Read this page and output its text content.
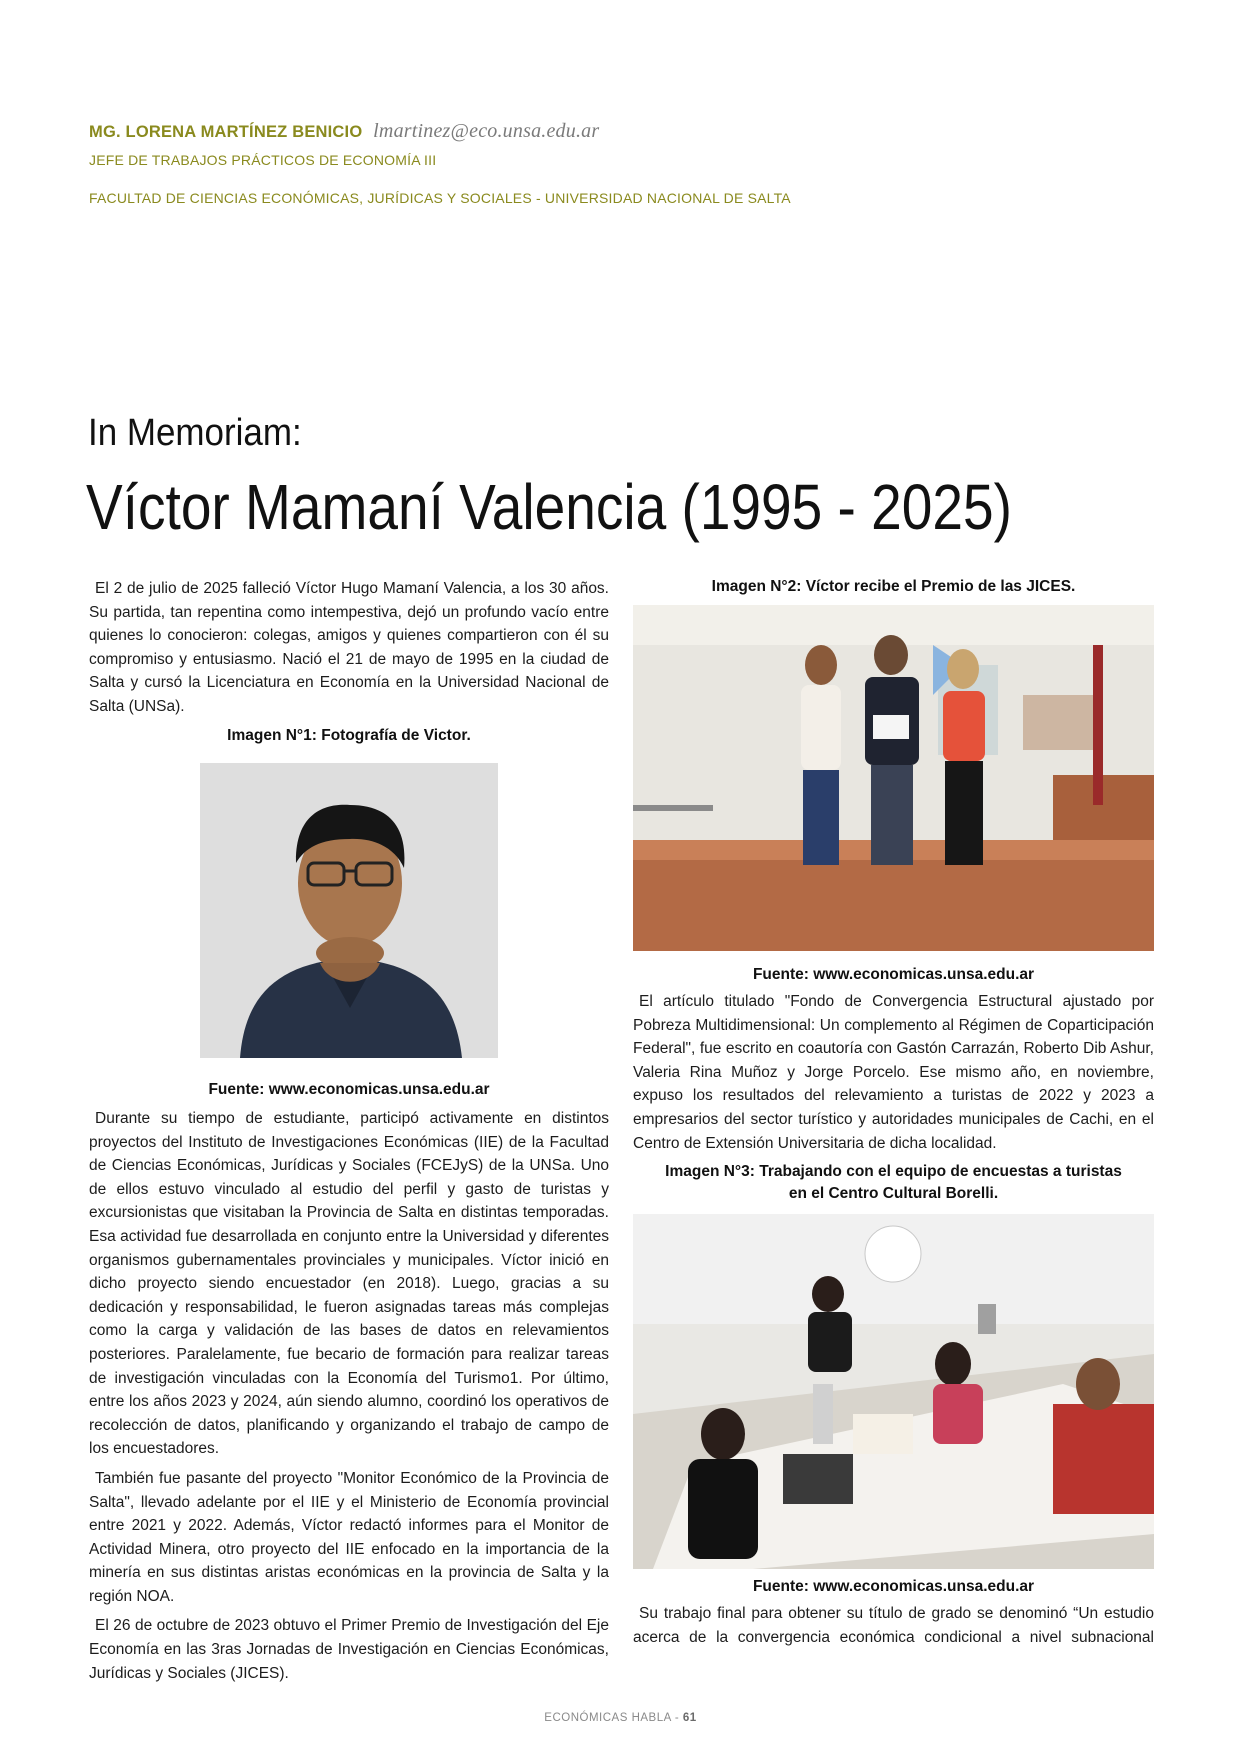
MG. LORENA MARTÍNEZ BENICIO lmartinez@eco.unsa.edu.ar
JEFE DE TRABAJOS PRÁCTICOS DE ECONOMÍA III
FACULTAD DE CIENCIAS ECONÓMICAS, JURÍDICAS Y SOCIALES - UNIVERSIDAD NACIONAL DE SALTA
In Memoriam:
Víctor Mamaní Valencia (1995 - 2025)

El 2 de julio de 2025 falleció Víctor Hugo Mamaní Valencia, a los 30 años. Su partida, tan repentina como intempestiva, dejó un profundo vacío entre quienes lo conocieron: colegas, amigos y quienes compartieron con él su compromiso y entusiasmo. Nació el 21 de mayo de 1995 en la ciudad de Salta y cursó la Licenciatura en Economía en la Universidad Nacional de Salta (UNSa).

Imagen N°1: Fotografía de Victor.
Fuente: www.economicas.unsa.edu.ar

Durante su tiempo de estudiante, participó activamente en distintos proyectos del Instituto de Investigaciones Económicas (IIE) de la Facultad de Ciencias Económicas, Jurídicas y Sociales (FCEJyS) de la UNSa. Uno de ellos estuvo vinculado al estudio del perfil y gasto de turistas y excursionistas que visitaban la Provincia de Salta en distintas temporadas. Esa actividad fue desarrollada en conjunto entre la Universidad y diferentes organismos gubernamentales provinciales y municipales. Víctor inició en dicho proyecto siendo encuestador (en 2018). Luego, gracias a su dedicación y responsabilidad, le fueron asignadas tareas más complejas como la carga y validación de las bases de datos en relevamientos posteriores. Paralelamente, fue becario de formación para realizar tareas de investigación vinculadas con la Economía del Turismo1. Por último, entre los años 2023 y 2024, aún siendo alumno, coordinó los operativos de recolección de datos, planificando y organizando el trabajo de campo de los encuestadores.

También fue pasante del proyecto "Monitor Económico de la Provincia de Salta", llevado adelante por el IIE y el Ministerio de Economía provincial entre 2021 y 2022. Además, Víctor redactó informes para el Monitor de Actividad Minera, otro proyecto del IIE enfocado en la importancia de la minería en sus distintas aristas económicas en la provincia de Salta y la región NOA.

El 26 de octubre de 2023 obtuvo el Primer Premio de Investigación del Eje Economía en las 3ras Jornadas de Investigación en Ciencias Económicas, Jurídicas y Sociales (JICES).

Imagen N°2: Víctor recibe el Premio de las JICES.
Fuente: www.economicas.unsa.edu.ar

El artículo titulado "Fondo de Convergencia Estructural ajustado por Pobreza Multidimensional: Un complemento al Régimen de Coparticipación Federal", fue escrito en coautoría con Gastón Carrazán, Roberto Dib Ashur, Valeria Rina Muñoz y Jorge Porcelo. Ese mismo año, en noviembre, expuso los resultados del relevamiento a turistas de 2022 y 2023 a empresarios del sector turístico y autoridades municipales de Cachi, en el Centro de Extensión Universitaria de dicha localidad.

Imagen N°3: Trabajando con el equipo de encuestas a turistas en el Centro Cultural Borelli.
Fuente: www.economicas.unsa.edu.ar

Su trabajo final para obtener su título de grado se denominó “Un estudio acerca de la convergencia económica condicional a nivel subnacional

ECONÓMICAS HABLA - 61
